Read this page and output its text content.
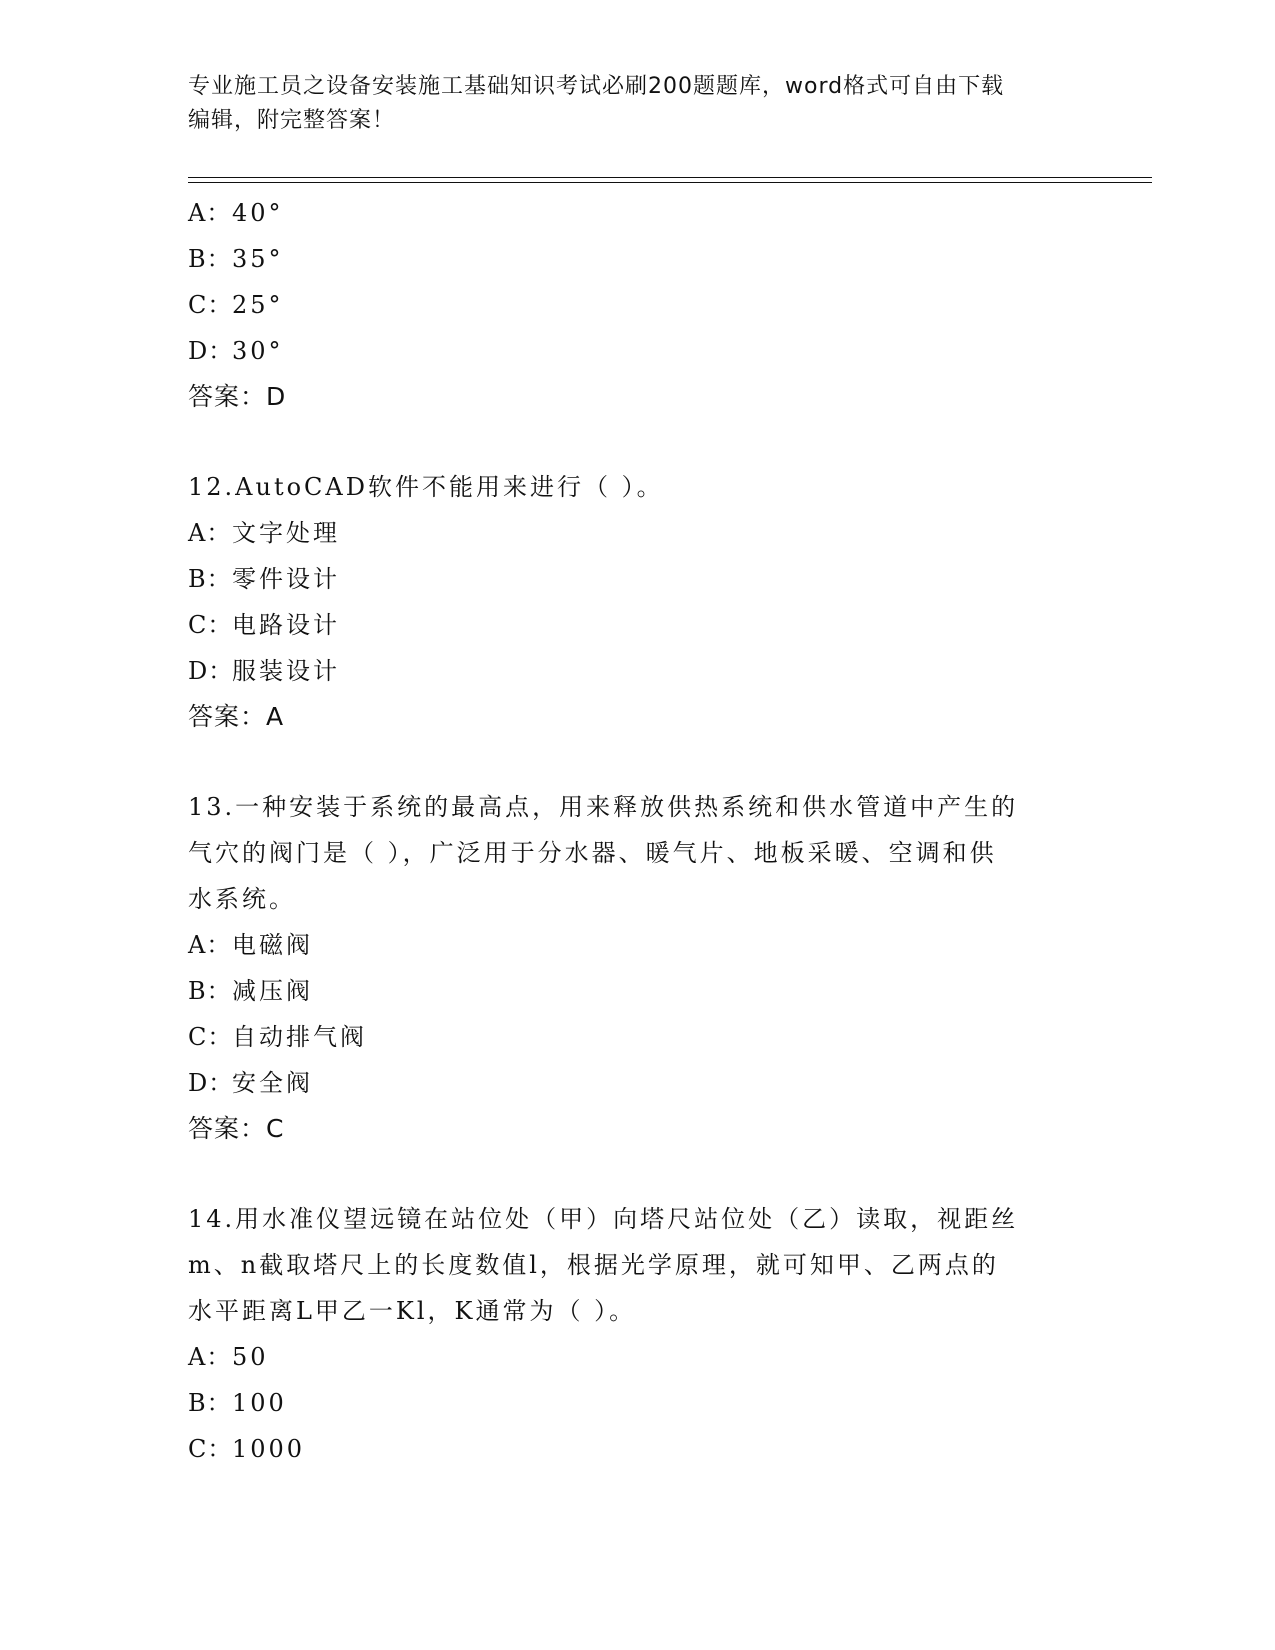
专业施工员之设备安装施工基础知识考试必刷200题题库，word格式可自由下载
编辑，附完整答案！
A：40°
B：35°
C：25°
D：30°
答案：D
12.AutoCAD软件不能用来进行（ ）。
A：文字处理
B：零件设计
C：电路设计
D：服装设计
答案：A
13.一种安装于系统的最高点，用来释放供热系统和供水管道中产生的
气穴的阀门是（ ），广泛用于分水器、暖气片、地板采暖、空调和供
水系统。
A：电磁阀
B：减压阀
C：自动排气阀
D：安全阀
答案：C
14.用水准仪望远镜在站位处（甲）向塔尺站位处（乙）读取，视距丝
m、n截取塔尺上的长度数值l，根据光学原理，就可知甲、乙两点的
水平距离L甲乙一Kl，K通常为（ ）。
A：50
B：100
C：1000
